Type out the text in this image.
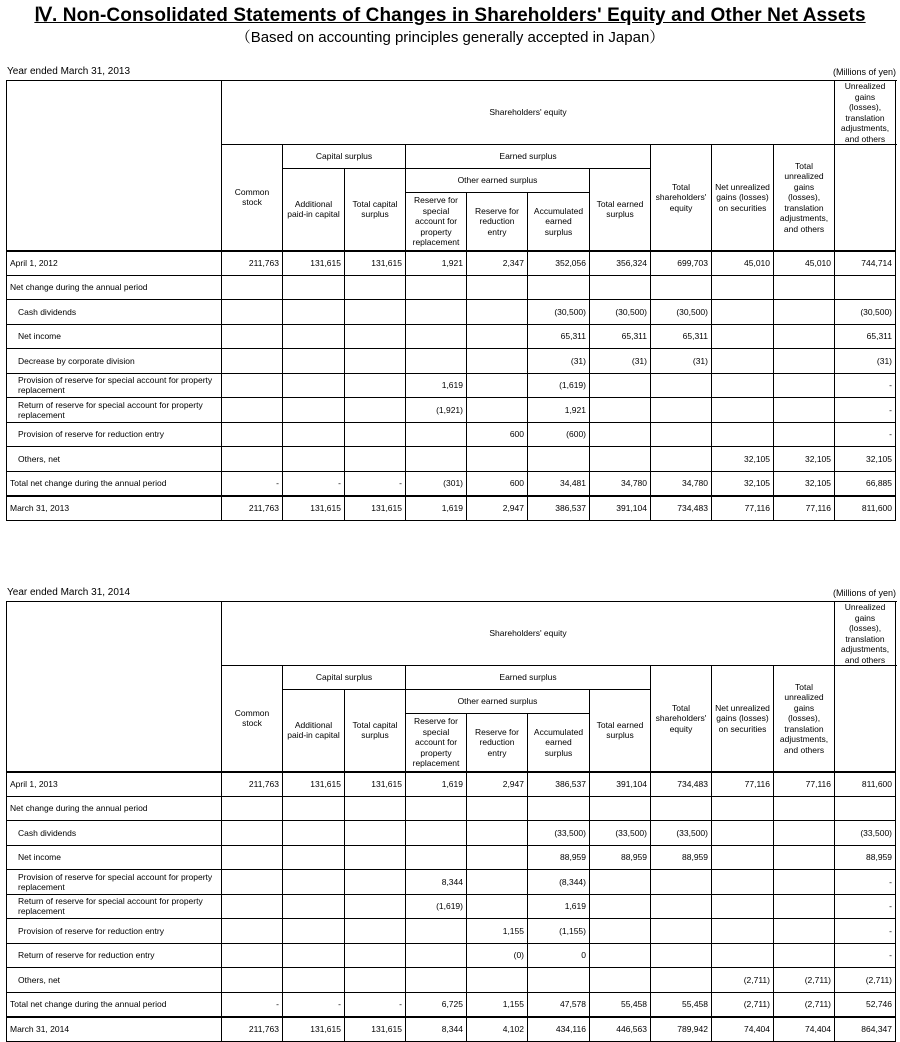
Ⅳ. Non-Consolidated Statements of Changes in Shareholders' Equity and Other Net Assets
（Based on accounting principles generally accepted in Japan）
Year ended March 31, 2013	(Millions of yen)
	Shareholders' equity										Unrealized gains (losses), translation adjustments, and others	
	Common stock	Capital surplus		Earned surplus				Total shareholders' equity	Net unrealized gains (losses) on securities	Total unrealized gains (losses), translation adjustments, and others		
		Additional paid-in capital	Total capital surplus	Other earned surplus			Total earned surplus					
				Reserve for special account for property replacement	Reserve for reduction entry	Accumulated earned surplus						
April 1, 2012	211,763	131,615	131,615	1,921	2,347	352,056	356,324	699,703	45,010	45,010	744,714	
Net change during the annual period												
Cash dividends						(30,500)	(30,500)	(30,500)			(30,500)	
Net income						65,311	65,311	65,311			65,311	
Decrease by corporate division						(31)	(31)	(31)			(31)	
Provision of reserve for special account for property replacement				1,619		(1,619)					-	
Return of reserve for special account for property replacement				(1,921)		1,921					-	
Provision of reserve for reduction entry					600	(600)					-	
Others, net									32,105	32,105	32,105	
Total net change during the annual period	-	-	-	(301)	600	34,481	34,780	34,780	32,105	32,105	66,885	
March 31, 2013	211,763	131,615	131,615	1,619	2,947	386,537	391,104	734,483	77,116	77,116	811,600	
Year ended March 31, 2014	(Millions of yen)
	Shareholders' equity										Unrealized gains (losses), translation adjustments, and others	
	Common stock	Capital surplus		Earned surplus				Total shareholders' equity	Net unrealized gains (losses) on securities	Total unrealized gains (losses), translation adjustments, and others		
		Additional paid-in capital	Total capital surplus	Other earned surplus			Total earned surplus					
				Reserve for special account for property replacement	Reserve for reduction entry	Accumulated earned surplus						
April 1, 2013	211,763	131,615	131,615	1,619	2,947	386,537	391,104	734,483	77,116	77,116	811,600	
Net change during the annual period												
Cash dividends						(33,500)	(33,500)	(33,500)			(33,500)	
Net income						88,959	88,959	88,959			88,959	
Provision of reserve for special account for property replacement				8,344		(8,344)					-	
Return of reserve for special account for property replacement				(1,619)		1,619					-	
Provision of reserve for reduction entry					1,155	(1,155)					-	
Return of reserve for reduction entry					(0)	0					-	
Others, net									(2,711)	(2,711)	(2,711)	
Total net change during the annual period	-	-	-	6,725	1,155	47,578	55,458	55,458	(2,711)	(2,711)	52,746	
March 31, 2014	211,763	131,615	131,615	8,344	4,102	434,116	446,563	789,942	74,404	74,404	864,347	
